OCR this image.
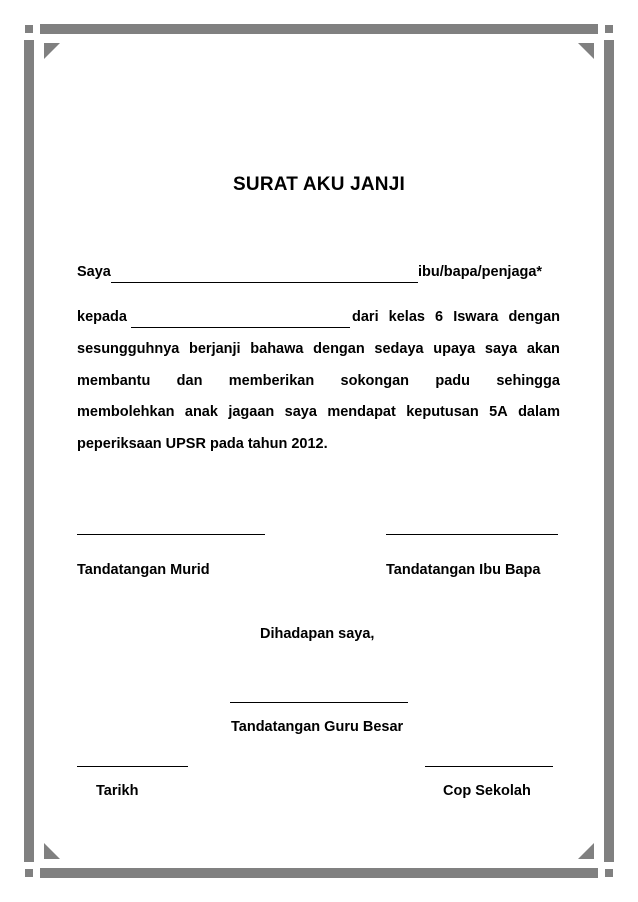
SURAT AKU JANJI
Saya	ibu/bapa/penjaga*
kepada	dari kelas 6 Iswara dengan
sesungguhnya berjanji bahawa dengan sedaya upaya saya akan
membantu dan memberikan sokongan padu sehingga
membolehkan anak jagaan saya mendapat keputusan 5A dalam
peperiksaan UPSR pada tahun 2012.
Tandatangan Murid	Tandatangan Ibu Bapa
Dihadapan saya,
Tandatangan Guru Besar
Tarikh	Cop Sekolah
